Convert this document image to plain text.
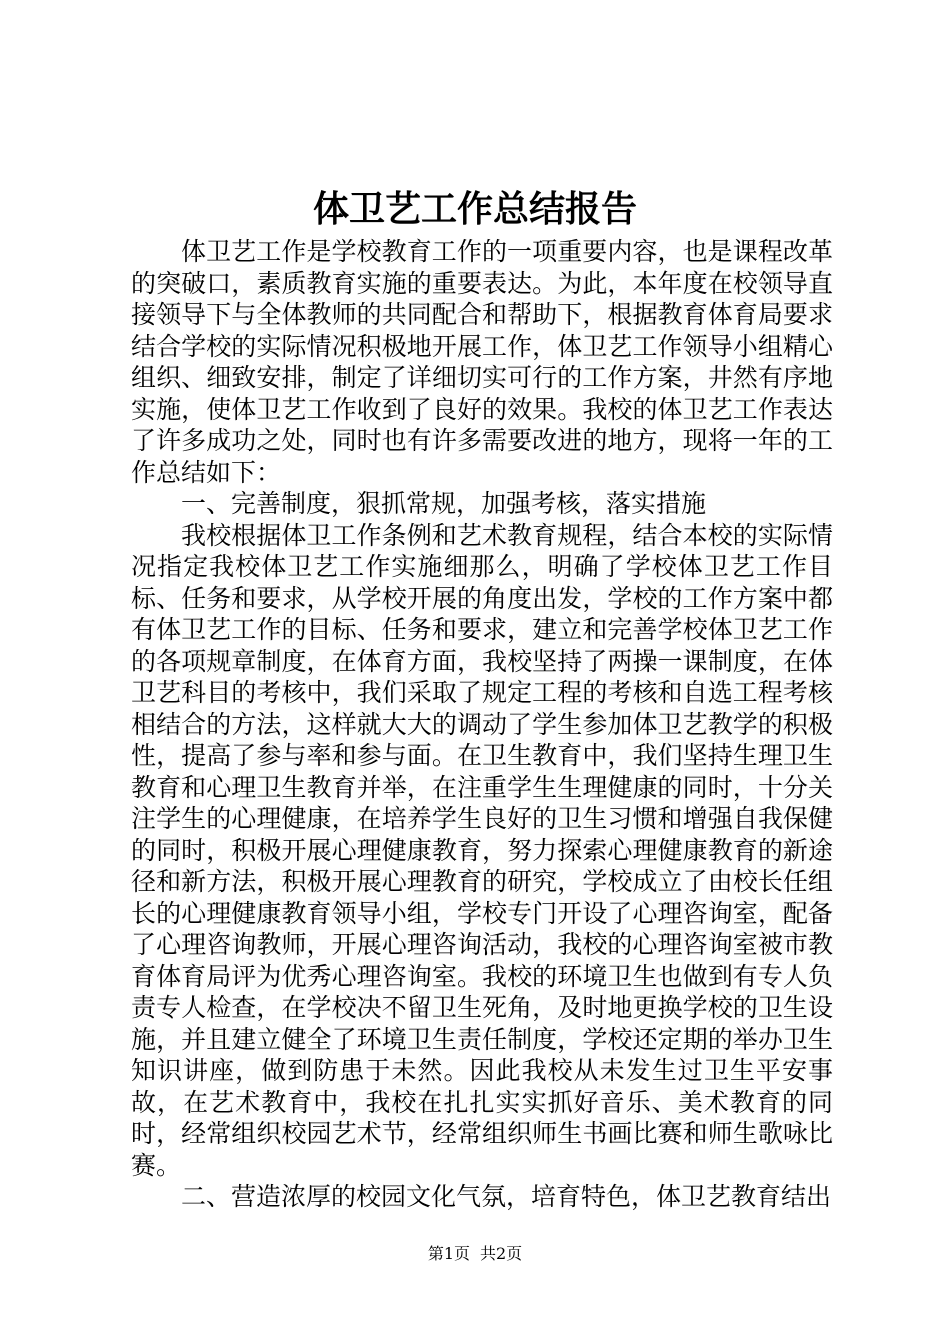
体卫艺工作总结报告

体卫艺工作是学校教育工作的一项重要内容，也是课程改革的突破口，素质教育实施的重要表达。为此，本年度在校领导直接领导下与全体教师的共同配合和帮助下，根据教育体育局要求结合学校的实际情况积极地开展工作，体卫艺工作领导小组精心组织、细致安排，制定了详细切实可行的工作方案，井然有序地实施，使体卫艺工作收到了良好的效果。我校的体卫艺工作表达了许多成功之处，同时也有许多需要改进的地方，现将一年的工作总结如下：

一、完善制度，狠抓常规，加强考核，落实措施

我校根据体卫工作条例和艺术教育规程，结合本校的实际情况指定我校体卫艺工作实施细那么，明确了学校体卫艺工作目标、任务和要求，从学校开展的角度出发，学校的工作方案中都有体卫艺工作的目标、任务和要求，建立和完善学校体卫艺工作的各项规章制度，在体育方面，我校坚持了两操一课制度，在体卫艺科目的考核中，我们采取了规定工程的考核和自选工程考核相结合的方法，这样就大大的调动了学生参加体卫艺教学的积极性，提高了参与率和参与面。在卫生教育中，我们坚持生理卫生教育和心理卫生教育并举，在注重学生生理健康的同时，十分关注学生的心理健康，在培养学生良好的卫生习惯和增强自我保健的同时，积极开展心理健康教育，努力探索心理健康教育的新途径和新方法，积极开展心理教育的研究，学校成立了由校长任组长的心理健康教育领导小组，学校专门开设了心理咨询室，配备了心理咨询教师，开展心理咨询活动，我校的心理咨询室被市教育体育局评为优秀心理咨询室。我校的环境卫生也做到有专人负责专人检查，在学校决不留卫生死角，及时地更换学校的卫生设施，并且建立健全了环境卫生责任制度，学校还定期的举办卫生知识讲座，做到防患于未然。因此我校从未发生过卫生平安事故，在艺术教育中，我校在扎扎实实抓好音乐、美术教育的同时，经常组织校园艺术节，经常组织师生书画比赛和师生歌咏比赛。

二、营造浓厚的校园文化气氛，培育特色，体卫艺教育结出

第1页 共2页
